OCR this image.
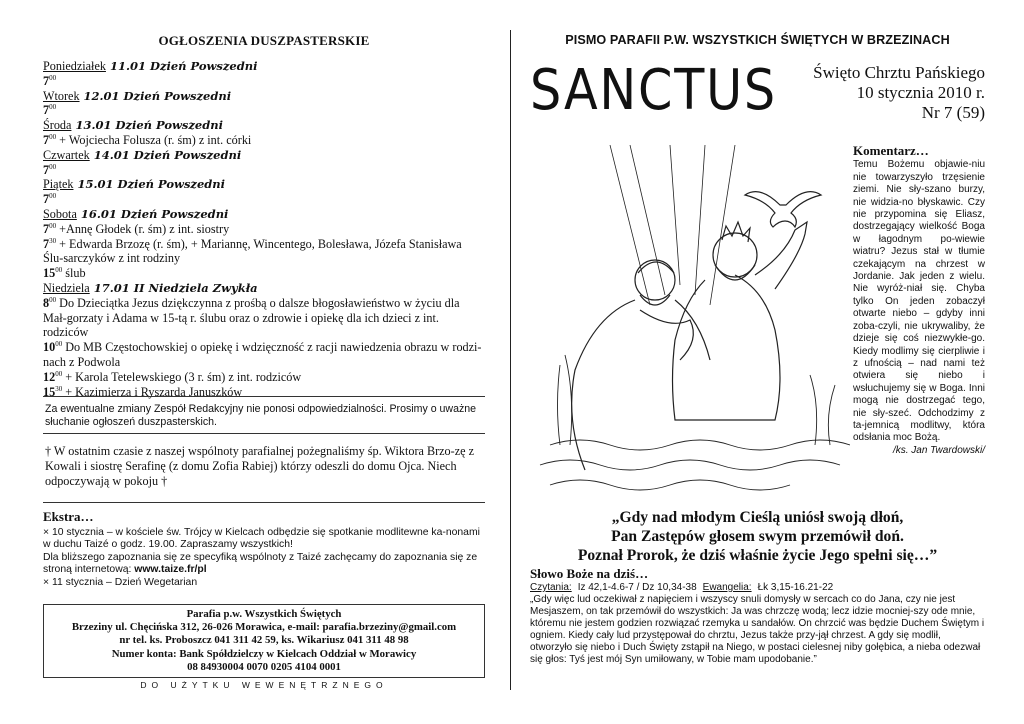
OGŁOSZENIA DUSZPASTERSKIE
Poniedziałek 11.01 Dzień Powszedni
$7^{00}$
Wtorek 12.01 Dzień Powszedni
$7^{00}$
Środa 13.01 Dzień Powszedni
$7^{00}$ + Wojciecha Folusza (r. śm) z int. córki
Czwartek 14.01 Dzień Powszedni
$7^{00}$
Piątek 15.01 Dzień Powszedni
$7^{00}$
Sobota 16.01 Dzień Powszedni
$7^{00}$ +Annę Głodek (r. śm) z int. siostry
$7^{30}$ + Edwarda Brzozę (r. śm), + Mariannę, Wincentego, Bolesława, Józefa Stanisława Ślu-sarczyków z int rodziny
$15^{00}$ ślub
Niedziela 17.01 II Niedziela Zwykła
$8^{00}$ Do Dzieciątka Jezus dziękczynna z prośbą o dalsze błogosławieństwo w życiu dla Mał-gorzaty i Adama w 15-tą r. ślubu oraz o zdrowie i opiekę dla ich dzieci z int. rodziców
$10^{00}$ Do MB Częstochowskiej o opiekę i wdzięczność z racji nawiedzenia obrazu w rodzi-nach z Podwola
$12^{00}$ + Karola Tetelewskiego (3 r. śm) z int. rodziców
$15^{30}$ + Kazimierza i Ryszarda Januszków
Za ewentualne zmiany Zespół Redakcyjny nie ponosi odpowiedzialności. Prosimy o uważne słuchanie ogłoszeń duszpasterskich.
† W ostatnim czasie z naszej wspólnoty parafialnej pożegnaliśmy śp. Wiktora Brzo-zę z Kowali i siostrę Serafinę (z domu Zofia Rabiej) którzy odeszli do domu Ojca. Niech odpoczywają w pokoju †
Ekstra…
× 10 stycznia – w kościele św. Trójcy w Kielcach odbędzie się spotkanie modlitewne ka-nonami w duchu Taizé o godz. 19.00. Zapraszamy wszystkich!
Dla bliższego zapoznania się ze specyfiką wspólnoty z Taizé zachęcamy do zapoznania się ze stroną internetową: www.taize.fr/pl
× 11 stycznia – Dzień Wegetarian
Parafia p.w. Wszystkich Świętych
Brzeziny ul. Chęcińska 312, 26-026 Morawica, e-mail: parafia.brzeziny@gmail.com
nr tel. ks. Proboszcz 041 311 42 59, ks. Wikariusz 041 311 48 98
Numer konta: Bank Spółdzielczy w Kielcach Oddział w Morawicy
08 84930004 0070 0205 4104 0001
DO UŻYTKU WEWENĘTRZNEGO
PISMO PARAFII P.W. WSZYSTKICH ŚWIĘTYCH W BRZEZINACH
SANCTUS Święto Chrztu Pańskiego
10 stycznia 2010 r.
Nr 7 (59)
Komentarz…

Temu Bożemu objawie-niu nie towarzyszyło trzęsienie ziemi. Nie sły-szano burzy, nie widzia-no błyskawic. Czy nie przypomina się Eliasz, dostrzegający wielkość Boga w łagodnym po-wiewie wiatru? Jezus stał w tłumie czekającym na chrzest w Jordanie. Jak jeden z wielu. Nie wyróż-niał się. Chyba tylko On jeden zobaczył otwarte niebo – gdyby inni zoba-czyli, nie ukrywaliby, że dzieje się coś niezwykłe-go. Kiedy modlimy się cierpliwie i z ufnością – nad nami też otwiera się niebo i wsłuchujemy się w Boga. Inni mogą nie dostrzegać tego, nie sły-szeć. Odchodzimy z ta-jemnicą modlitwy, która odsłania moc Bożą.

/ks. Jan Twardowski/

„Gdy nad młodym Cieślą uniósł swoją dłoń,
Pan Zastępów głosem swym przemówił doń.
Poznał Prorok, że dziś właśnie życie Jego spełni się…”
Słowo Boże na dziś…
Czytania: Iz 42,1-4.6-7 / Dz 10,34-38 Ewangelia: Łk 3,15-16.21-22
„Gdy więc lud oczekiwał z napięciem i wszyscy snuli domysły w sercach co do Jana, czy nie jest Mesjaszem, on tak przemówił do wszystkich: Ja was chrzczę wodą; lecz idzie mocniej-szy ode mnie, któremu nie jestem godzien rozwiązać rzemyka u sandałów. On chrzcić was będzie Duchem Świętym i ogniem. Kiedy cały lud przystępował do chrztu, Jezus także przy-jął chrzest. A gdy się modlił, otworzyło się niebo i Duch Święty zstąpił na Niego, w postaci cielesnej niby gołębica, a nieba odezwał się głos: Tyś jest mój Syn umiłowany, w Tobie mam upodobanie.”
